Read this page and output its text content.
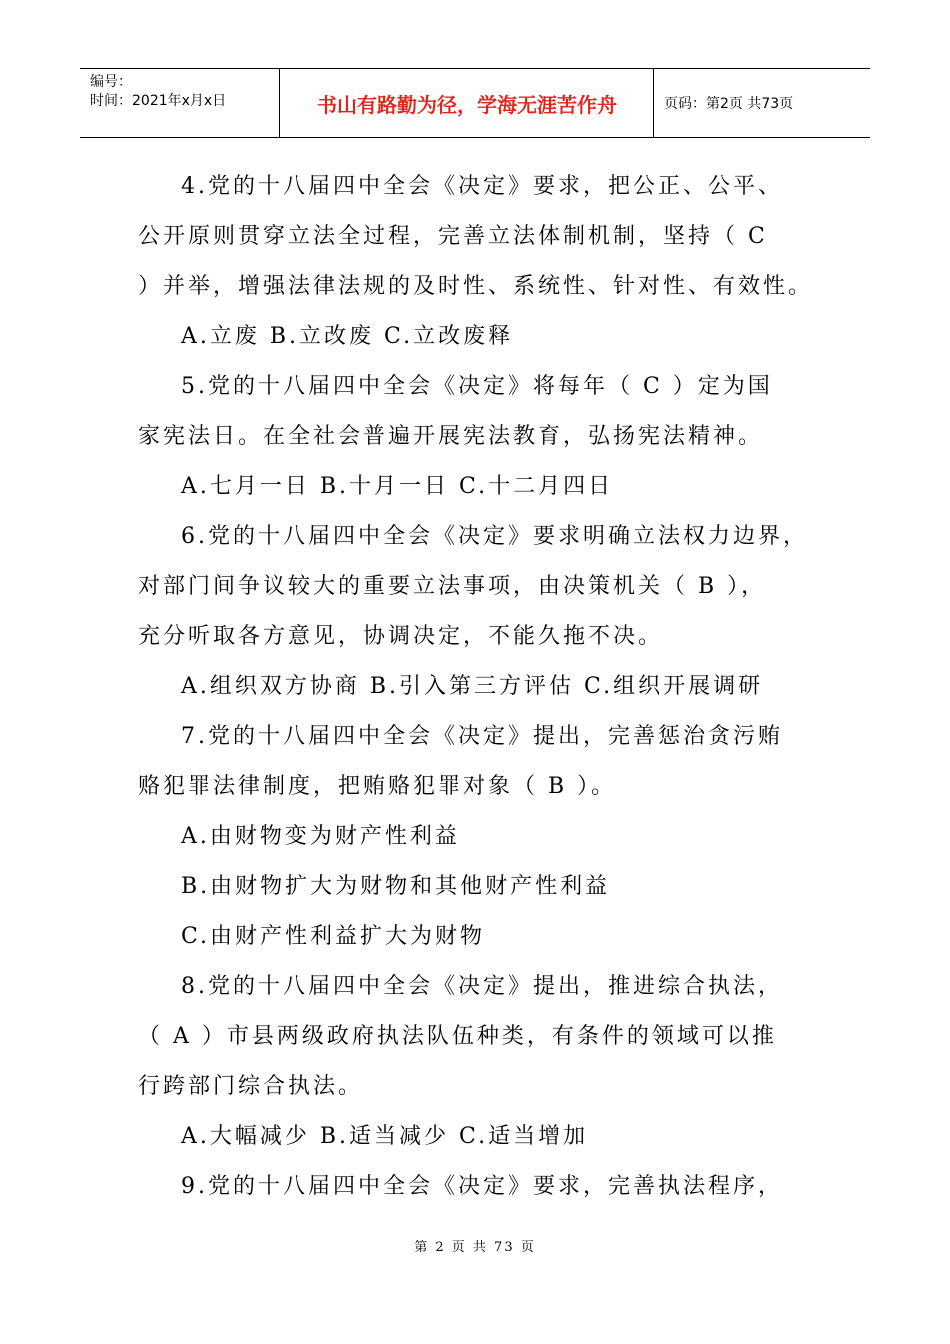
编号：
时间：2021年x月x日	书山有路勤为径，学海无涯苦作舟	页码：第2页 共73页
4.党的十八届四中全会《决定》要求，把公正、公平、
公开原则贯穿立法全过程，完善立法体制机制，坚持（ C
）并举，增强法律法规的及时性、系统性、针对性、有效性。
A.立废 B.立改废 C.立改废释
5.党的十八届四中全会《决定》将每年（ C ）定为国
家宪法日。在全社会普遍开展宪法教育，弘扬宪法精神。
A.七月一日 B.十月一日 C.十二月四日
6.党的十八届四中全会《决定》要求明确立法权力边界，
对部门间争议较大的重要立法事项，由决策机关（ B ），
充分听取各方意见，协调决定，不能久拖不决。
A.组织双方协商 B.引入第三方评估 C.组织开展调研
7.党的十八届四中全会《决定》提出，完善惩治贪污贿
赂犯罪法律制度，把贿赂犯罪对象（ B ）。
A.由财物变为财产性利益
B.由财物扩大为财物和其他财产性利益
C.由财产性利益扩大为财物
8.党的十八届四中全会《决定》提出，推进综合执法，
（ A ）市县两级政府执法队伍种类，有条件的领域可以推
行跨部门综合执法。
A.大幅减少 B.适当减少 C.适当增加
9.党的十八届四中全会《决定》要求，完善执法程序，
第 2 页 共 73 页
